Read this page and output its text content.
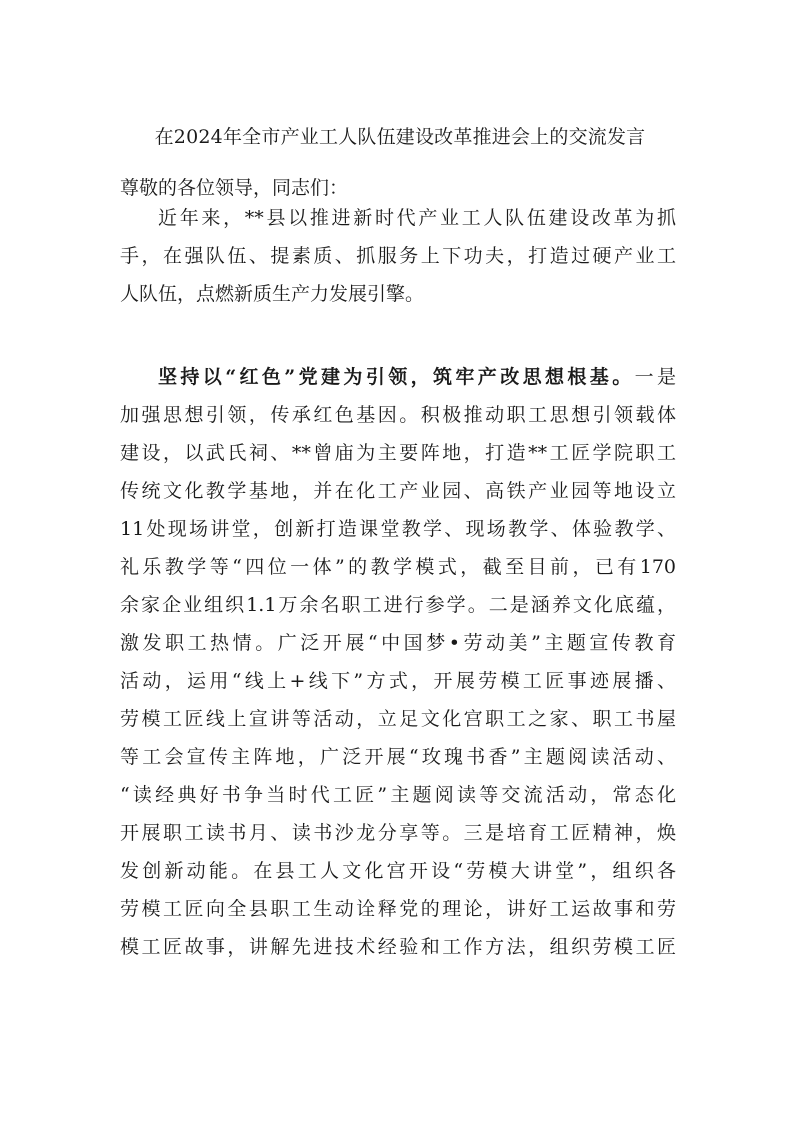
在2024年全市产业工人队伍建设改革推进会上的交流发言
尊敬的各位领导，同志们：
近年来，**县以推进新时代产业工人队伍建设改革为抓
手，在强队伍、提素质、抓服务上下功夫，打造过硬产业工
人队伍，点燃新质生产力发展引擎。
坚持以“红色”党建为引领，筑牢产改思想根基。一是
加强思想引领，传承红色基因。积极推动职工思想引领载体
建设，以武氏祠、**曾庙为主要阵地，打造**工匠学院职工
传统文化教学基地，并在化工产业园、高铁产业园等地设立
11处现场讲堂，创新打造课堂教学、现场教学、体验教学、
礼乐教学等“四位一体”的教学模式，截至目前，已有170
余家企业组织1.1万余名职工进行参学。二是涵养文化底蕴，
激发职工热情。广泛开展“中国梦•劳动美”主题宣传教育
活动，运用“线上+线下”方式，开展劳模工匠事迹展播、
劳模工匠线上宣讲等活动，立足文化宫职工之家、职工书屋
等工会宣传主阵地，广泛开展“玫瑰书香”主题阅读活动、
“读经典好书争当时代工匠”主题阅读等交流活动，常态化
开展职工读书月、读书沙龙分享等。三是培育工匠精神，焕
发创新动能。在县工人文化宫开设“劳模大讲堂”，组织各
劳模工匠向全县职工生动诠释党的理论，讲好工运故事和劳
模工匠故事，讲解先进技术经验和工作方法，组织劳模工匠
